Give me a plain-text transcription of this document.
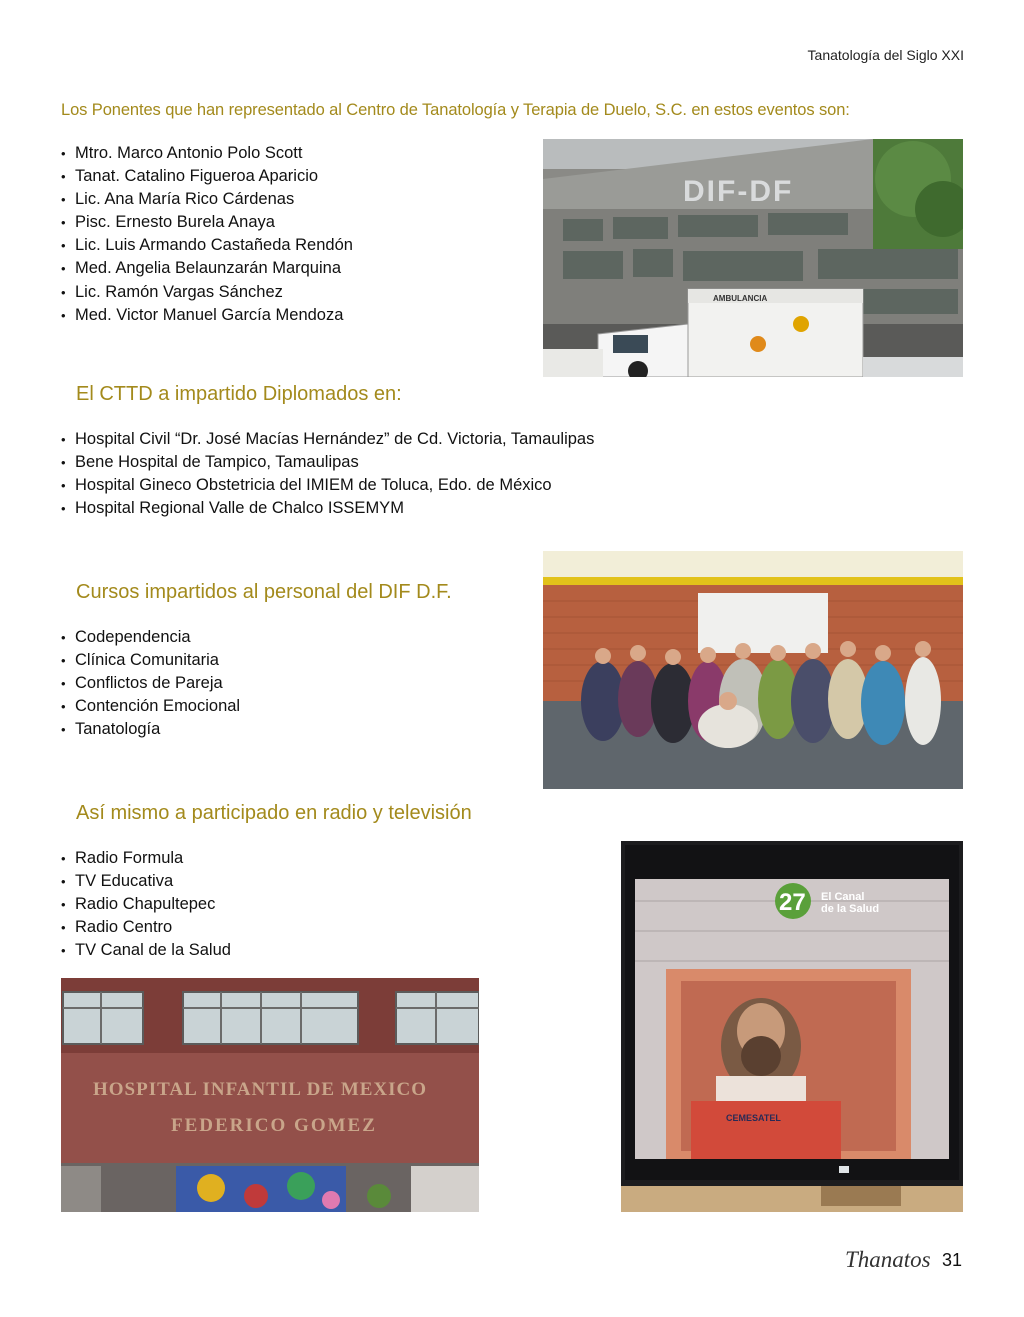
Tanatología del Siglo XXI
Los Ponentes que han representado al Centro de Tanatología y Terapia de Duelo, S.C. en estos eventos son:
• Mtro. Marco Antonio Polo Scott
• Tanat. Catalino Figueroa Aparicio
• Lic. Ana María Rico Cárdenas
• Pisc. Ernesto Burela Anaya
• Lic. Luis Armando Castañeda Rendón
• Med. Angelia Belaunzarán Marquina
• Lic. Ramón Vargas Sánchez
• Med. Victor Manuel García Mendoza
DIF-DF
AMBULANCIA
El CTTD a impartido Diplomados en:
• Hospital Civil “Dr. José Macías Hernández” de Cd. Victoria, Tamaulipas
• Bene Hospital de Tampico, Tamaulipas
• Hospital Gineco Obstetricia del IMIEM de Toluca, Edo. de México
• Hospital Regional Valle de Chalco ISSEMYM
Cursos impartidos al personal del DIF D.F.
• Codependencia
• Clínica Comunitaria
• Conflictos de Pareja
• Contención Emocional
• Tanatología
Así mismo a participado en radio y televisión
• Radio Formula
• TV Educativa
• Radio Chapultepec
• Radio Centro
• TV Canal de la Salud
CEMESATEL
27 El Canal
de la Salud
HOSPITAL INFANTIL DE MEXICO
FEDERICO GOMEZ
Thanatos 31
